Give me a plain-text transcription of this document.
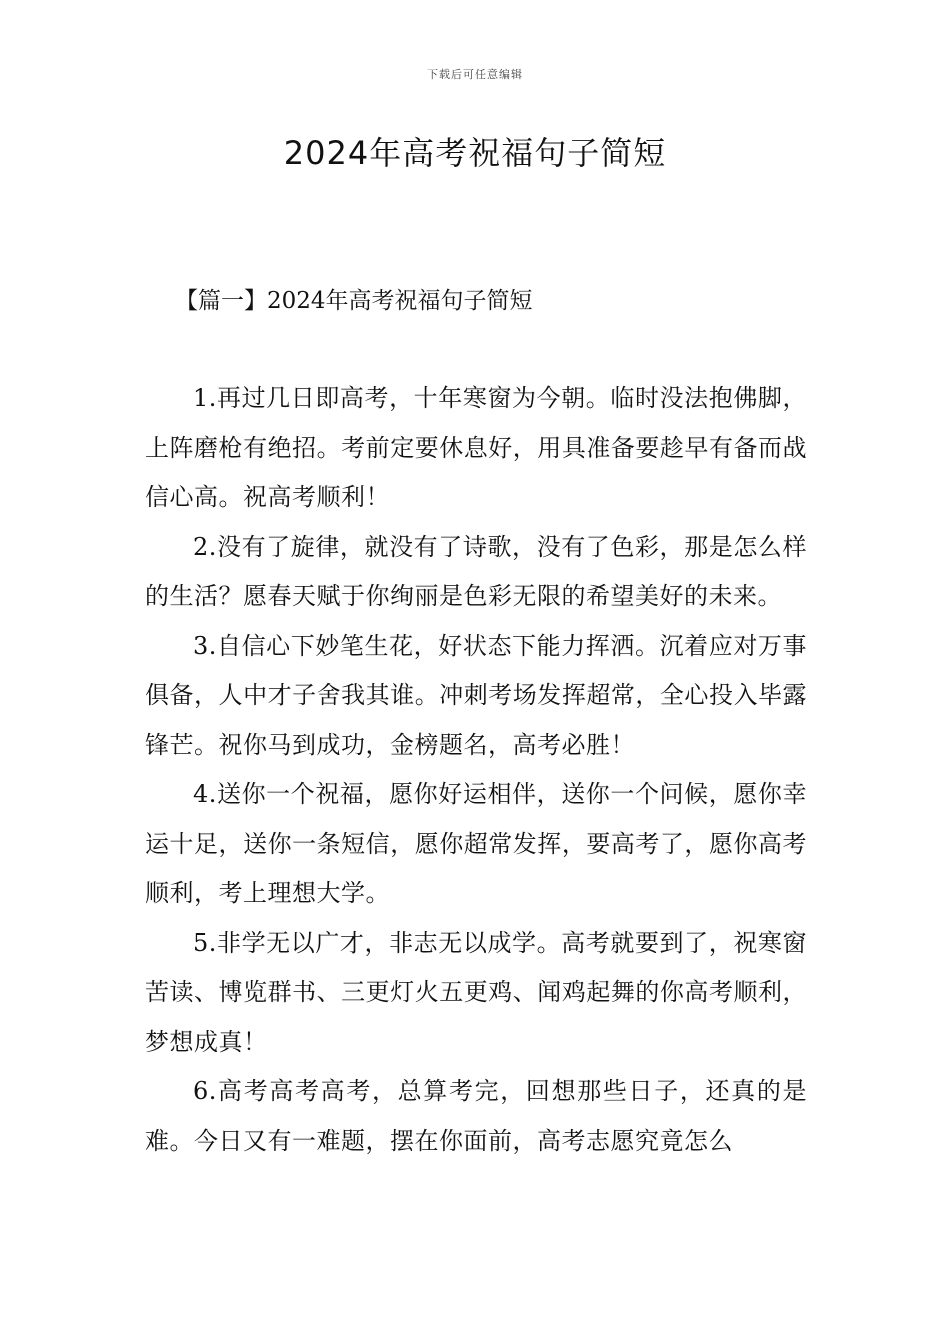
下载后可任意编辑
2024年高考祝福句子简短
【篇一】2024年高考祝福句子简短

1.再过几日即高考，十年寒窗为今朝。临时没法抱佛脚，上阵磨枪有绝招。考前定要休息好，用具准备要趁早有备而战信心高。祝高考顺利！

2.没有了旋律，就没有了诗歌，没有了色彩，那是怎么样的生活？愿春天赋于你绚丽是色彩无限的希望美好的未来。

3.自信心下妙笔生花，好状态下能力挥洒。沉着应对万事俱备，人中才子舍我其谁。冲刺考场发挥超常，全心投入毕露锋芒。祝你马到成功，金榜题名，高考必胜！

4.送你一个祝福，愿你好运相伴，送你一个问候，愿你幸运十足，送你一条短信，愿你超常发挥，要高考了，愿你高考顺利，考上理想大学。

5.非学无以广才，非志无以成学。高考就要到了，祝寒窗苦读、博览群书、三更灯火五更鸡、闻鸡起舞的你高考顺利，梦想成真！

6.高考高考高考，总算考完，回想那些日子，还真的是难。今日又有一难题，摆在你面前，高考志愿究竟怎么
